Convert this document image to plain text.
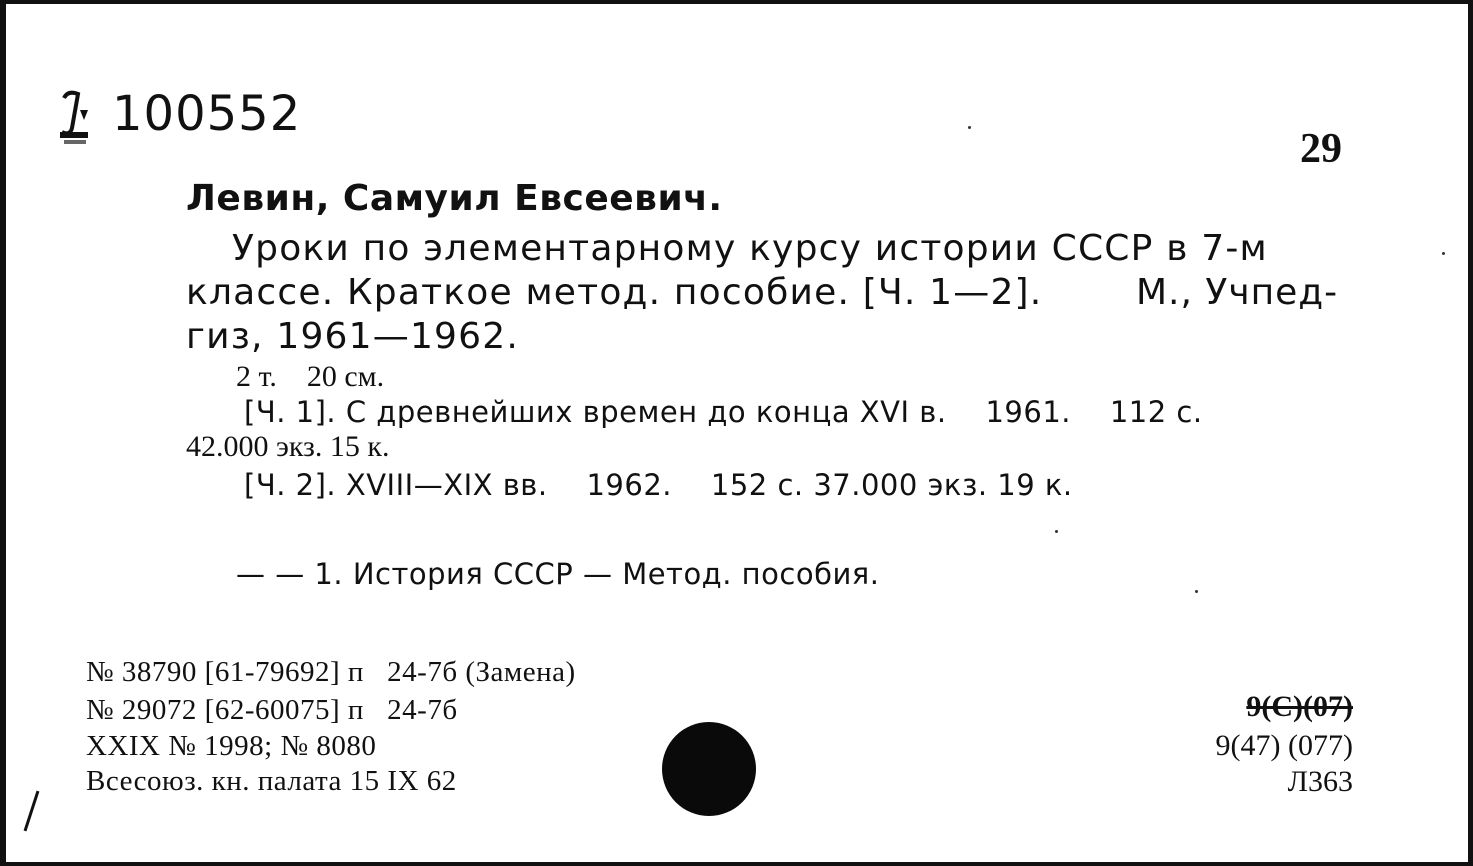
100552
29
Левин, Самуил Евсеевич.
Уроки по элементарному курсу истории СССР в 7-м
классе. Краткое метод. пособие. [Ч. 1—2].	М., Учпед-
гиз, 1961—1962.
2 т.    20 см.
[Ч. 1]. С древнейших времен до конца XVI в.    1961.    112 с.
42.000 экз. 15 к.
[Ч. 2]. XVIII—XIX вв.    1962.    152 с. 37.000 экз. 19 к.
— — 1. История СССР — Метод. пособия.
№ 38790 [61-79692] п   24-7б (Замена)
№ 29072 [62-60075] п   24-7б
XXIX № 1998; № 8080
Всесоюз. кн. палата 15 IX 62
9(С)(07)
9(47) (077)
Л363
